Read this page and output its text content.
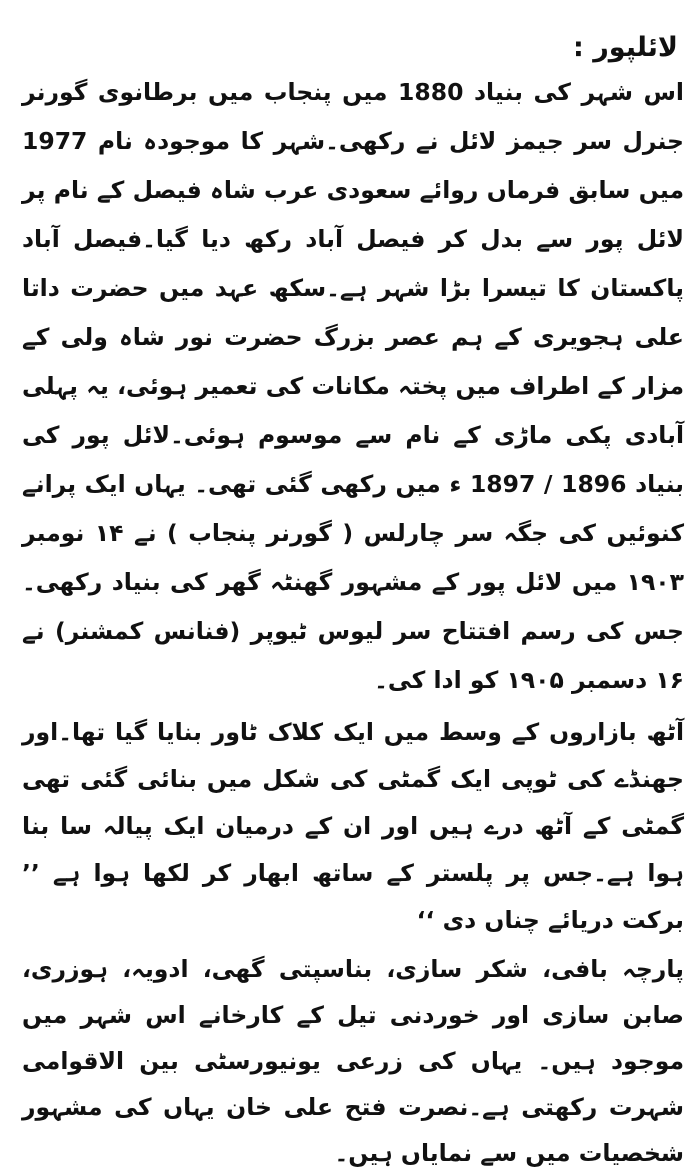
لائلپور :

اس شہر کی بنیاد 1880 میں پنجاب میں برطانوی گورنر جنرل سر جیمز لائل نے رکھی۔شہر کا موجودہ نام 1977 میں سابق فرماں روائے سعودی عرب شاہ فیصل کے نام پر لائل پور سے بدل کر فیصل آباد رکھ دیا گیا۔فیصل آباد پاکستان کا تیسرا بڑا شہر ہے۔سکھ عہد میں حضرت داتا علی ہجویری کے ہم عصر بزرگ حضرت نور شاہ ولی کے مزار کے اطراف میں پختہ مکانات کی تعمیر ہوئی، یہ پہلی آبادی پکی ماڑی کے نام سے موسوم ہوئی۔لائل پور کی بنیاد 1896 / 1897 ء میں رکھی گئی تھی۔ یہاں ایک پرانے کنوئیں کی جگہ سر چارلس ( گورنر پنجاب ) نے ۱۴ نومبر ۱۹۰۳ میں لائل پور کے مشہور گھنٹہ گھر کی بنیاد رکھی۔جس کی رسم افتتاح سر لیوس ٹیوپر (فنانس کمشنر) نے ۱۶ دسمبر ۱۹۰۵ کو ادا کی۔

آٹھ بازاروں کے وسط میں ایک کلاک ٹاور بنایا گیا تھا۔اور جھنڈے کی ٹوپی ایک گمٹی کی شکل میں بنائی گئی تھی گمٹی کے آٹھ درے ہیں اور ان کے درمیان ایک پیالہ سا بنا ہوا ہے۔جس پر پلستر کے ساتھ ابھار کر لکھا ہوا ہے ’’ برکت دریائے چناں دی ‘‘

پارچہ بافی، شکر سازی، بناسپتی گھی، ادویہ، ہوزری، صابن سازی اور خوردنی تیل کے کارخانے اس شہر میں موجود ہیں۔ یہاں کی زرعی یونیورسٹی بین الاقوامی شہرت رکھتی ہے۔نصرت فتح علی خان یہاں کی مشہور شخصیات میں سے نمایاں ہیں۔
